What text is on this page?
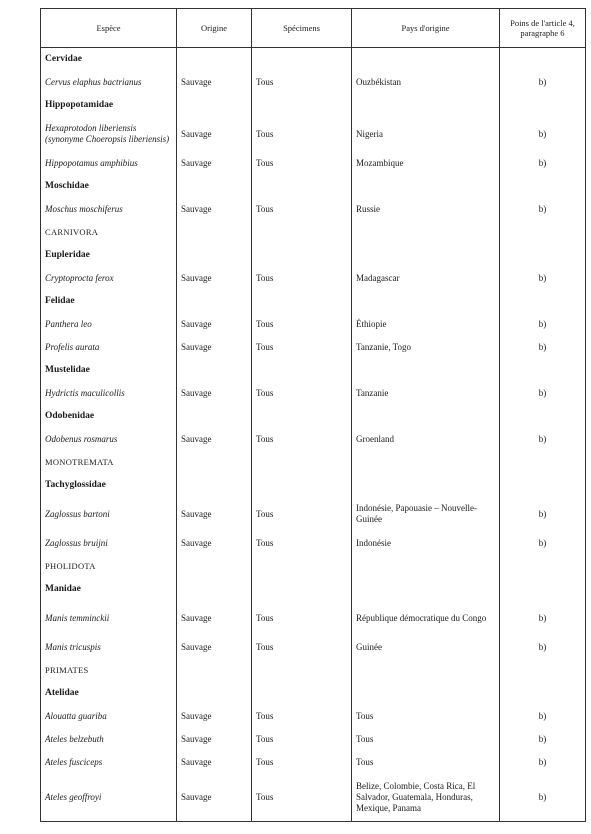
Espèce	Origine	Spécimens	Pays d'origine	Poins de l'article 4, paragraphe 6
Cervidae				
Cervus elaphus bactrianus	Sauvage	Tous	Ouzbékistan	b)
Hippopotamidae				
Hexaprotodon liberiensis (synonyme Choeropsis liberiensis)	Sauvage	Tous	Nigeria	b)
Hippopotamus amphibius	Sauvage	Tous	Mozambique	b)
Moschidae				
Moschus moschiferus	Sauvage	Tous	Russie	b)
CARNIVORA				
Eupleridae				
Cryptoprocta ferox	Sauvage	Tous	Madagascar	b)
Felidae				
Panthera leo	Sauvage	Tous	Éthiopie	b)
Profelis aurata	Sauvage	Tous	Tanzanie, Togo	b)
Mustelidae				
Hydrictis maculicollis	Sauvage	Tous	Tanzanie	b)
Odobenidae				
Odobenus rosmarus	Sauvage	Tous	Groenland	b)
MONOTREMATA				
Tachyglossidae				
Zaglossus bartoni	Sauvage	Tous	Indonésie, Papouasie – Nouvelle-Guinée	b)
Zaglossus bruijni	Sauvage	Tous	Indonésie	b)
PHOLIDOTA				
Manidae				
Manis temminckii	Sauvage	Tous	République démocratique du Congo	b)
Manis tricuspis	Sauvage	Tous	Guinée	b)
PRIMATES				
Atelidae				
Alouatta guariba	Sauvage	Tous	Tous	b)
Ateles belzebuth	Sauvage	Tous	Tous	b)
Ateles fusciceps	Sauvage	Tous	Tous	b)
Ateles geoffroyi	Sauvage	Tous	Belize, Colombie, Costa Rica, El Salvador, Guatemala, Honduras, Mexique, Panama	b)
